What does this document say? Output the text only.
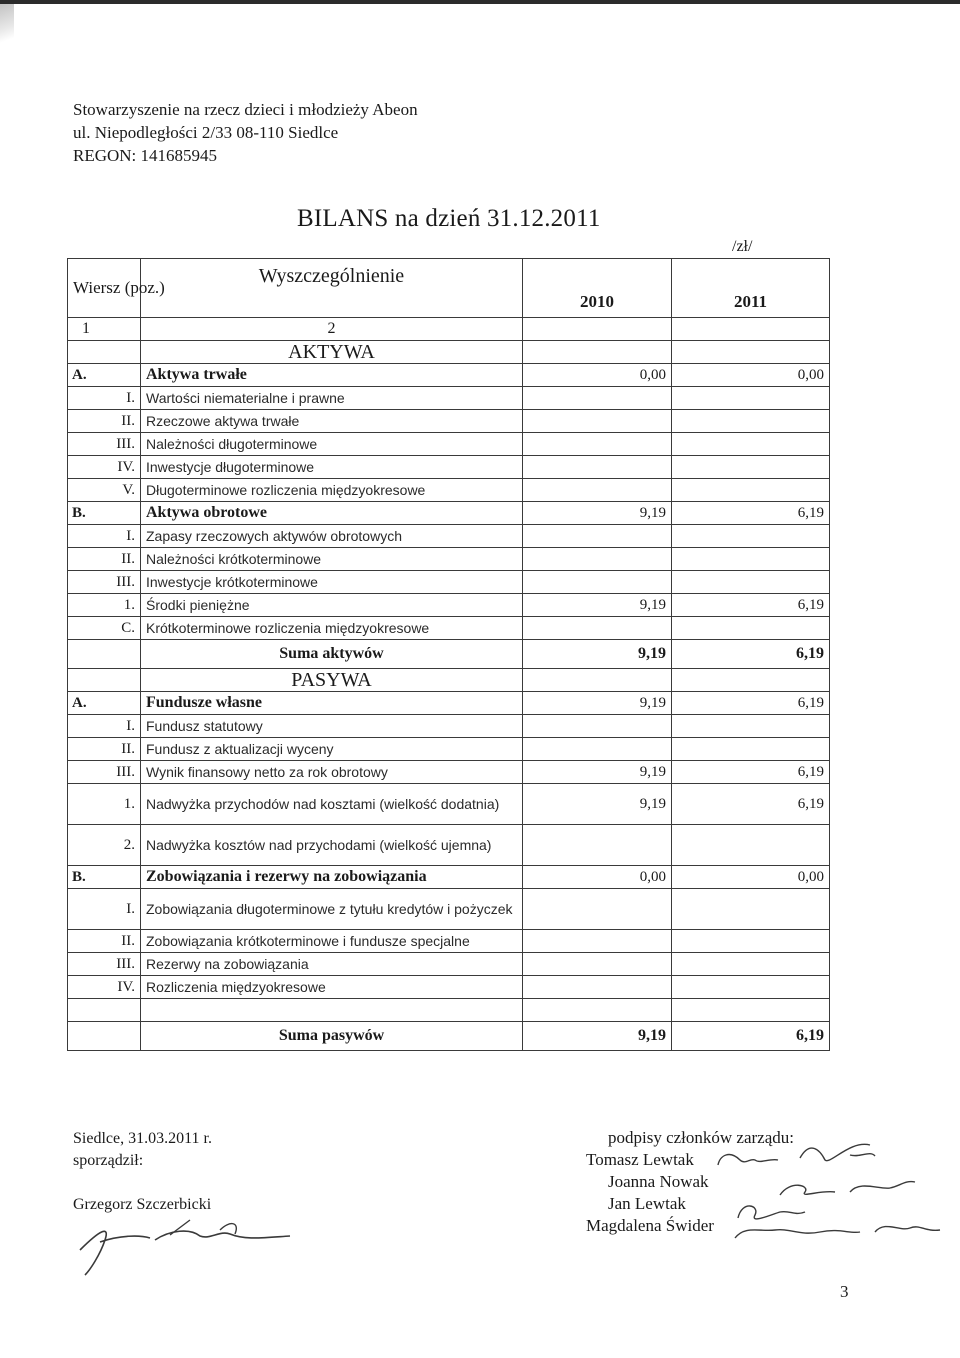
Stowarzyszenie na rzecz dzieci i młodzieży Abeon
ul. Niepodległości 2/33 08-110 Siedlce
REGON: 141685945
BILANS na dzień 31.12.2011
/zł/
Wiersz (poz.)	Wyszczególnienie	2010	2011
1	2		
	AKTYWA		
A.	Aktywa trwałe	0,00	0,00
I.	Wartości niematerialne i prawne		
II.	Rzeczowe aktywa trwałe		
III.	Należności długoterminowe		
IV.	Inwestycje długoterminowe		
V.	Długoterminowe rozliczenia międzyokresowe		
B.	Aktywa obrotowe	9,19	6,19
I.	Zapasy rzeczowych aktywów obrotowych		
II.	Należności krótkoterminowe		
III.	Inwestycje krótkoterminowe		
1.	Środki pieniężne	9,19	6,19
C.	Krótkoterminowe rozliczenia międzyokresowe		
	Suma aktywów	9,19	6,19
	PASYWA		
A.	Fundusze własne	9,19	6,19
I.	Fundusz statutowy		
II.	Fundusz z aktualizacji wyceny		
III.	Wynik finansowy netto za rok obrotowy	9,19	6,19
1.	Nadwyżka przychodów nad kosztami (wielkość dodatnia)	9,19	6,19
2.	Nadwyżka kosztów nad przychodami (wielkość ujemna)		
B.	Zobowiązania i rezerwy na zobowiązania	0,00	0,00
I.	Zobowiązania długoterminowe z tytułu kredytów i pożyczek		
II.	Zobowiązania krótkoterminowe i fundusze specjalne		
III.	Rezerwy na zobowiązania		
IV.	Rozliczenia międzyokresowe		

	Suma pasywów	9,19	6,19
Siedlce, 31.03.2011 r.
sporządził:
Grzegorz Szczerbicki
podpisy członków zarządu:
Tomasz Lewtak
Joanna Nowak
Jan Lewtak
Magdalena Świder
3
